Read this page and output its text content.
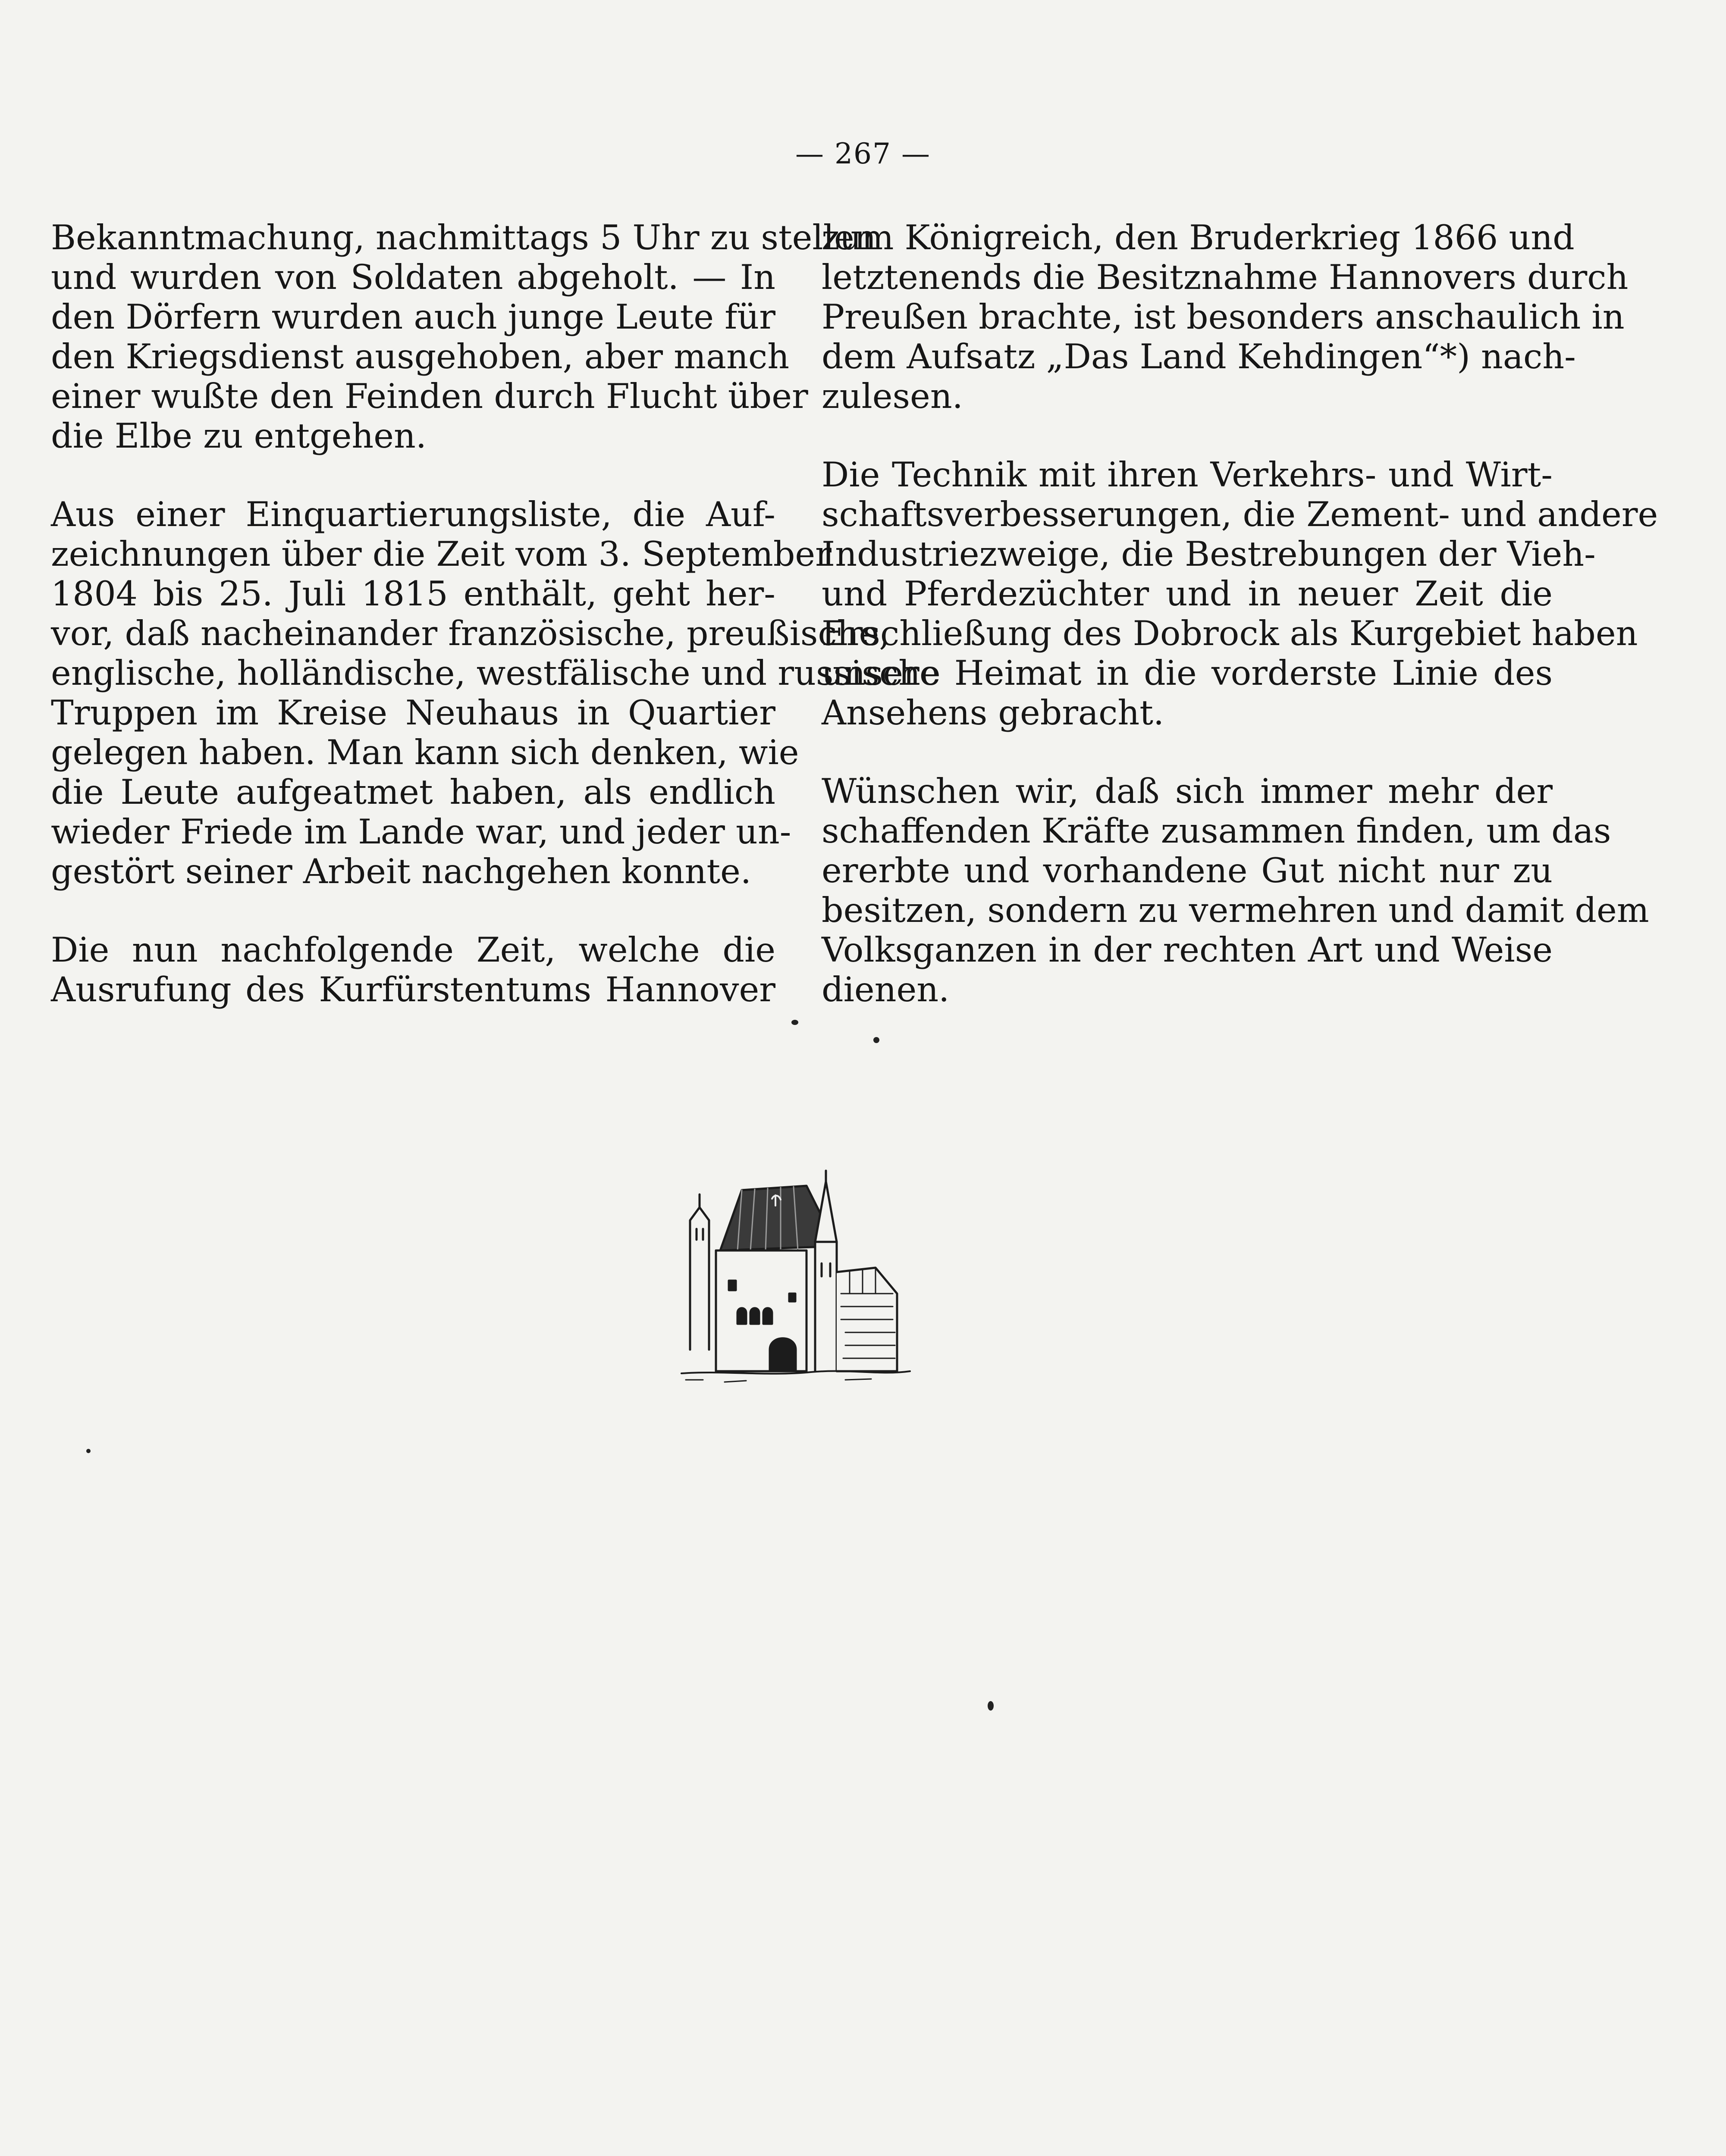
— 267 —
Bekanntmachung, nachmittags 5 Uhr zu stellen
und wurden von Soldaten abgeholt. — In
den Dörfern wurden auch junge Leute für
den Kriegsdienst ausgehoben, aber manch
einer wußte den Feinden durch Flucht über
die Elbe zu entgehen.
Aus einer Einquartierungsliste, die Auf-
zeichnungen über die Zeit vom 3. September
1804 bis 25. Juli 1815 enthält, geht her-
vor, daß nacheinander französische, preußische,
englische, holländische, westfälische und russische
Truppen im Kreise Neuhaus in Quartier
gelegen haben. Man kann sich denken, wie
die Leute aufgeatmet haben, als endlich
wieder Friede im Lande war, und jeder un-
gestört seiner Arbeit nachgehen konnte.
Die nun nachfolgende Zeit, welche die
Ausrufung des Kurfürstentums Hannover
zum Königreich, den Bruderkrieg 1866 und
letztenends die Besitznahme Hannovers durch
Preußen brachte, ist besonders anschaulich in
dem Aufsatz „Das Land Kehdingen“*) nach-
zulesen.
Die Technik mit ihren Verkehrs- und Wirt-
schaftsverbesserungen, die Zement- und andere
Industriezweige, die Bestrebungen der Vieh-
und Pferdezüchter und in neuer Zeit die
Erschließung des Dobrock als Kurgebiet haben
unsere Heimat in die vorderste Linie des
Ansehens gebracht.
Wünschen wir, daß sich immer mehr der
schaffenden Kräfte zusammen finden, um das
ererbte und vorhandene Gut nicht nur zu
besitzen, sondern zu vermehren und damit dem
Volksganzen in der rechten Art und Weise
dienen.
